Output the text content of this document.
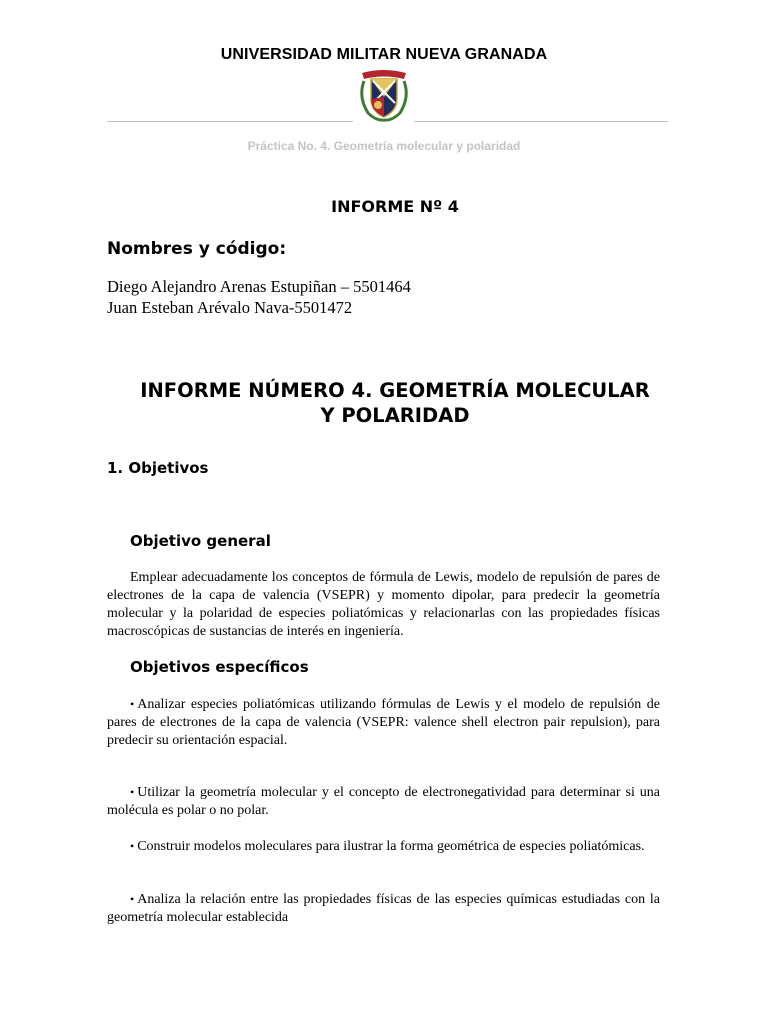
UNIVERSIDAD MILITAR NUEVA GRANADA
Práctica No. 4. Geometría molecular y polaridad
INFORME Nº 4
Nombres y código:
Diego Alejandro Arenas Estupiñan – 5501464
Juan Esteban Arévalo Nava-5501472
INFORME NÚMERO 4. GEOMETRÍA MOLECULAR
Y POLARIDAD
1. Objetivos
Objetivo general
Emplear adecuadamente los conceptos de fórmula de Lewis, modelo de repulsión de pares de electrones de la capa de valencia (VSEPR) y momento dipolar, para predecir la geometría molecular y la polaridad de especies poliatómicas y relacionarlas con las propiedades físicas macroscópicas de sustancias de interés en ingeniería.
Objetivos específicos
• Analizar especies poliatómicas utilizando fórmulas de Lewis y el modelo de repulsión de pares de electrones de la capa de valencia (VSEPR: valence shell electron pair repulsion), para predecir su orientación espacial.
• Utilizar la geometría molecular y el concepto de electronegatividad para determinar si una molécula es polar o no polar.
• Construir modelos moleculares para ilustrar la forma geométrica de especies poliatómicas.
• Analiza la relación entre las propiedades físicas de las especies químicas estudiadas con la geometría molecular establecida
